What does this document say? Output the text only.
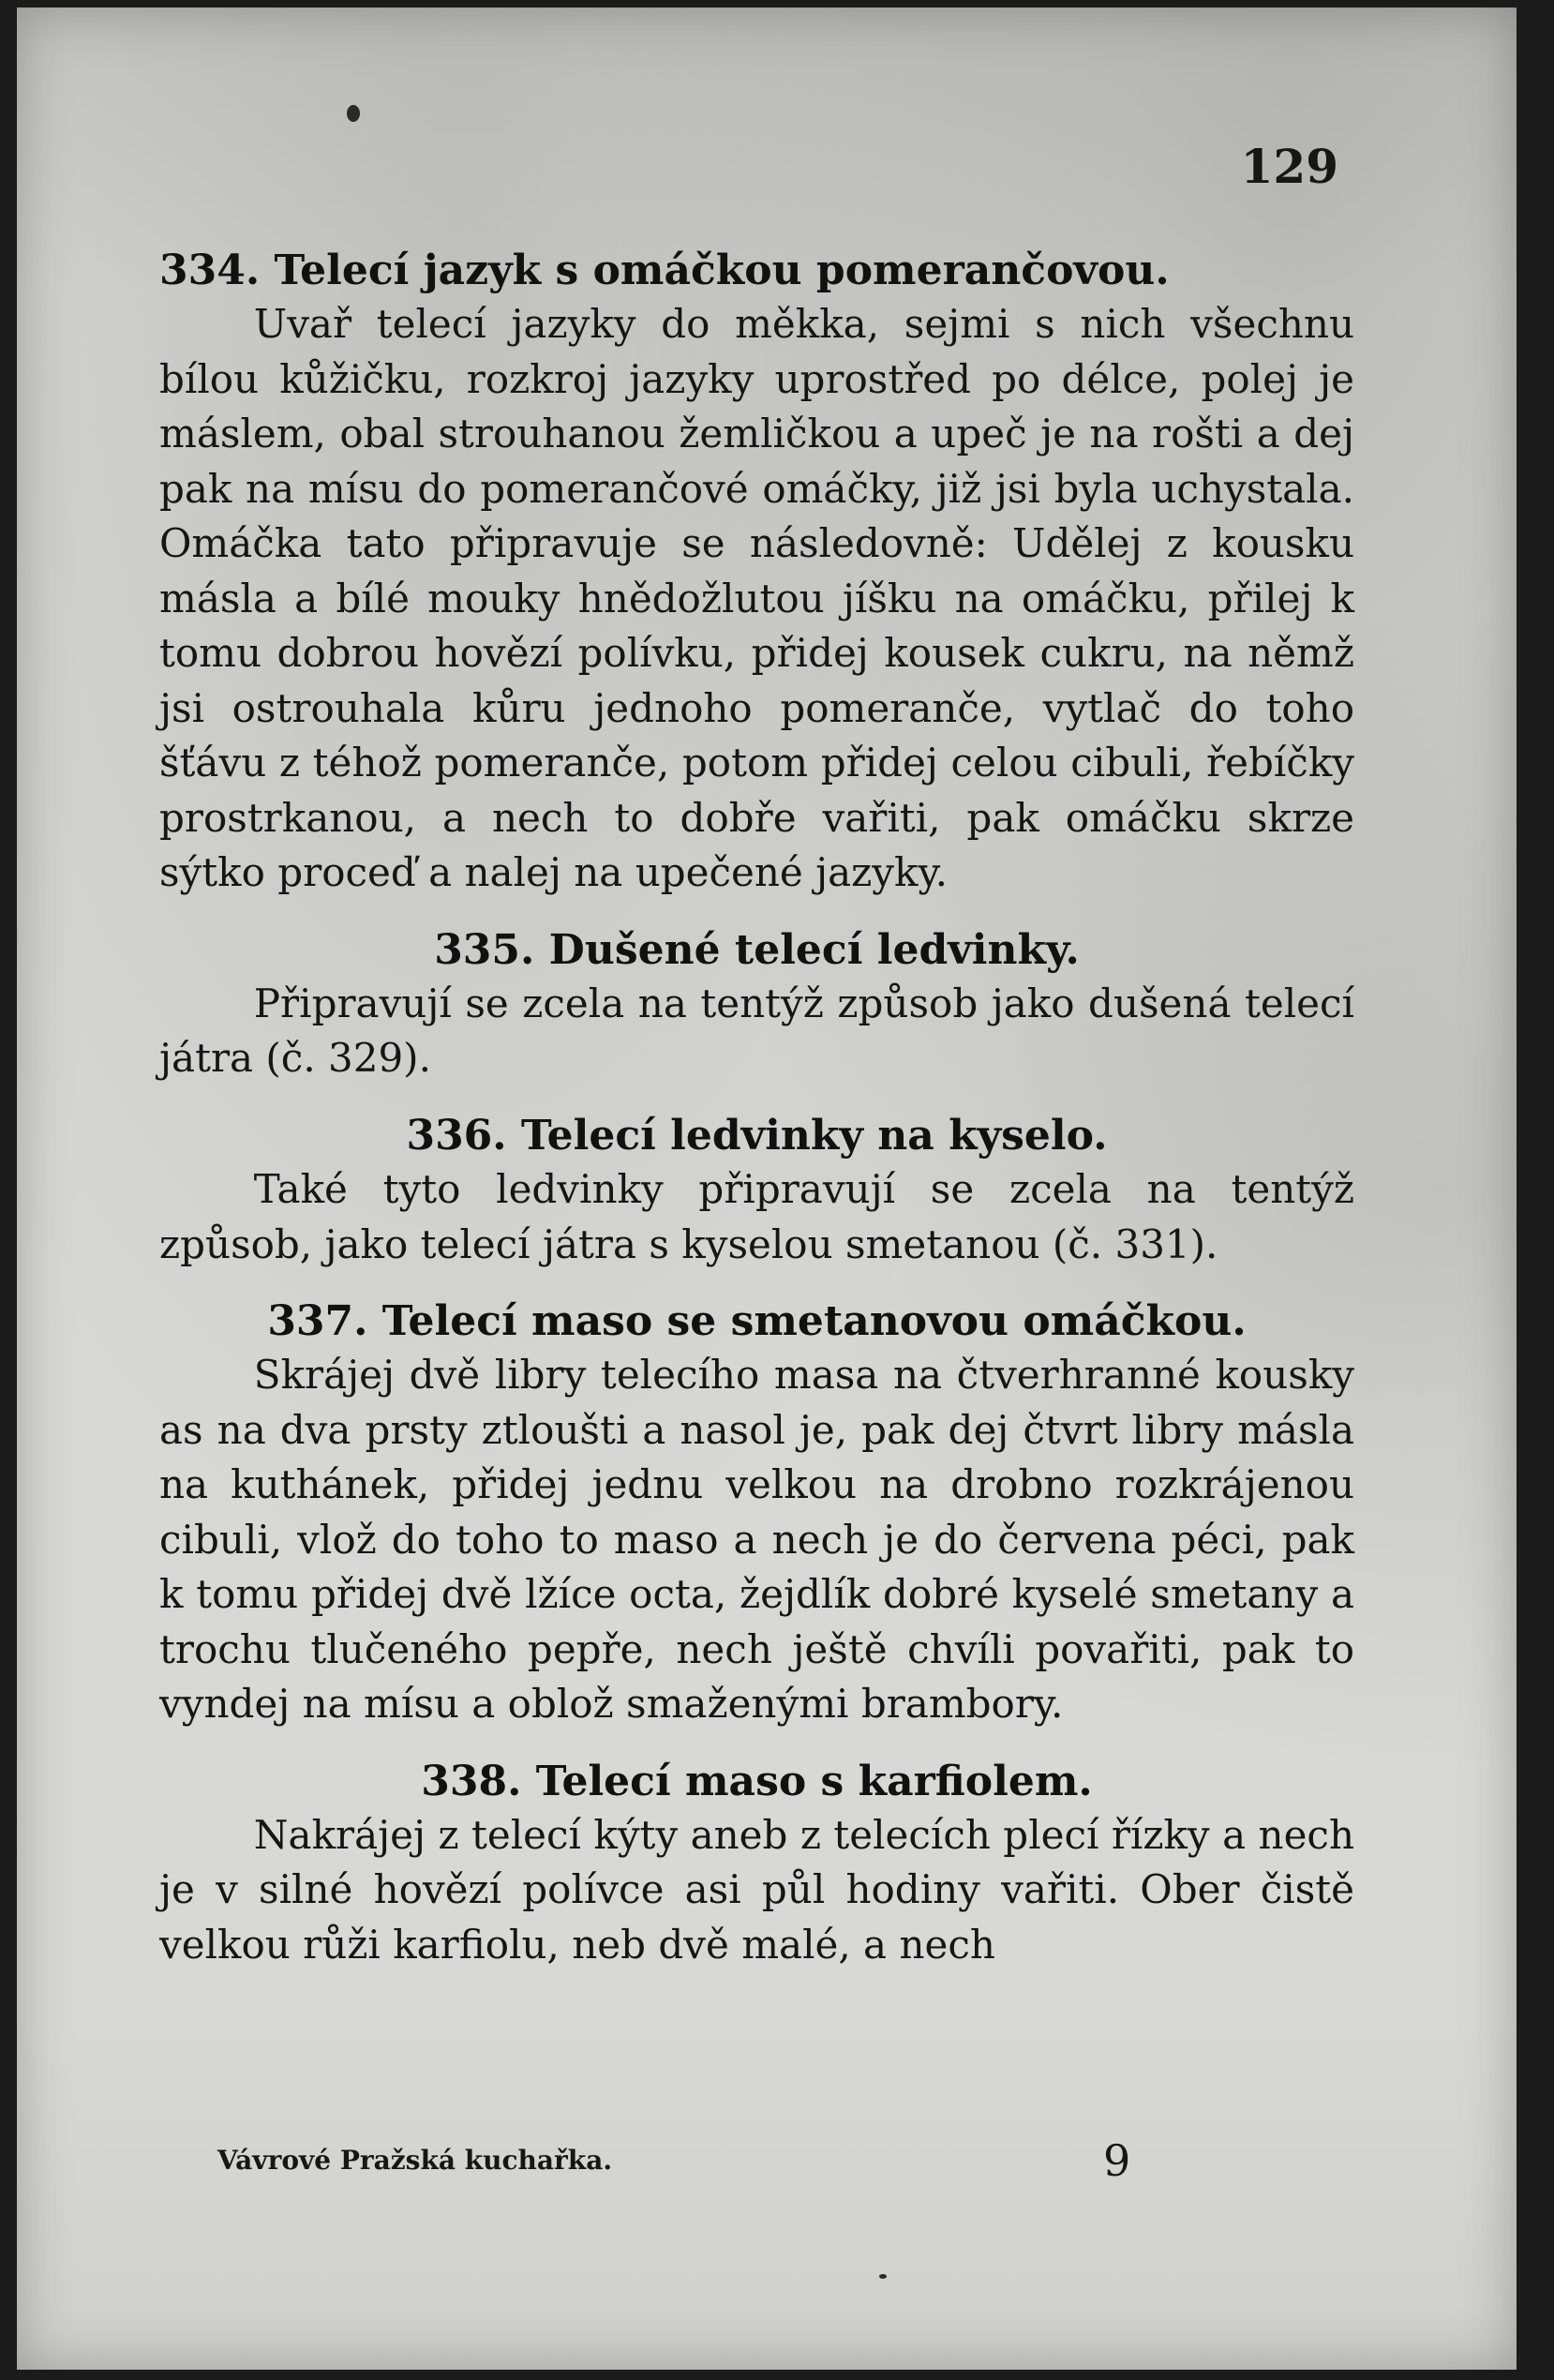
129
334. Telecí jazyk s omáčkou pomerančovou.

Uvař telecí jazyky do měkka, sejmi s nich všechnu bílou kůžičku, rozkroj jazyky uprostřed po délce, polej je máslem, obal strouhanou žemličkou a upeč je na rošti a dej pak na mísu do pomerančové omáčky, již jsi byla uchystala. Omáčka tato připravuje se následovně: Udělej z kousku másla a bílé mouky hnědožlutou jíšku na omáčku, přilej k tomu dobrou hovězí polívku, přidej kousek cukru, na němž jsi ostrouhala kůru jednoho pomeranče, vytlač do toho šťávu z téhož pomeranče, potom přidej celou cibuli, řebíčky prostrkanou, a nech to dobře vařiti, pak omáčku skrze sýtko proceď a nalej na upečené jazyky.

335. Dušené telecí ledvinky.

Připravují se zcela na tentýž způsob jako dušená telecí játra (č. 329).

336. Telecí ledvinky na kyselo.

Také tyto ledvinky připravují se zcela na tentýž způsob, jako telecí játra s kyselou smetanou (č. 331).

337. Telecí maso se smetanovou omáčkou.

Skrájej dvě libry telecího masa na čtverhranné kousky as na dva prsty ztloušti a nasol je, pak dej čtvrt libry másla na kuthánek, přidej jednu velkou na drobno rozkrájenou cibuli, vlož do toho to maso a nech je do červena péci, pak k tomu přidej dvě lžíce octa, žejdlík dobré kyselé smetany a trochu tlučeného pepře, nech ještě chvíli povařiti, pak to vyndej na mísu a oblož smaženými brambory.

338. Telecí maso s karfiolem.

Nakrájej z telecí kýty aneb z telecích plecí řízky a nech je v silné hovězí polívce asi půl hodiny vařiti. Ober čistě velkou růži karfiolu, neb dvě malé, a nech

Vávrové Pražská kuchařka.	9
